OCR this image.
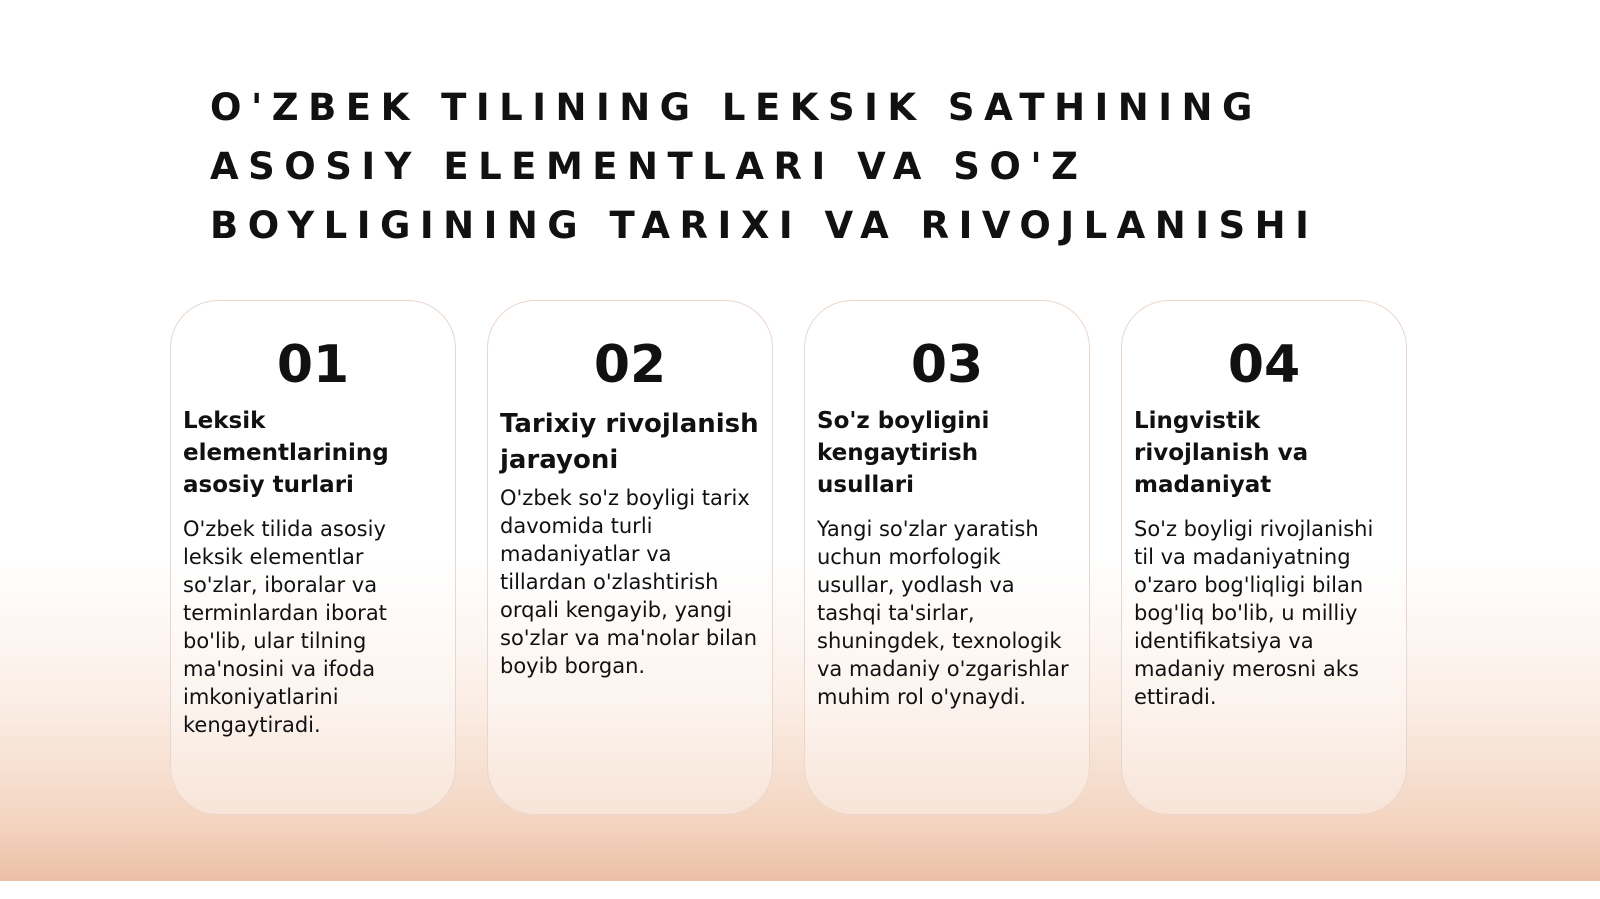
O'ZBEK TILINING LEKSIK SATHINING ASOSIY ELEMENTLARI VA SO'Z BOYLIGINING TARIXI VA RIVOJLANISHI
01
Leksik elementlarining asosiy turlari
O'zbek tilida asosiy leksik elementlar so'zlar, iboralar va terminlardan iborat bo'lib, ular tilning ma'nosini va ifoda imkoniyatlarini kengaytiradi.
02
Tarixiy rivojlanish jarayoni
O'zbek so'z boyligi tarix davomida turli madaniyatlar va tillardan o'zlashtirish orqali kengayib, yangi so'zlar va ma'nolar bilan boyib borgan.
03
So'z boyligini kengaytirish usullari
Yangi so'zlar yaratish uchun morfologik usullar, yodlash va tashqi ta'sirlar, shuningdek, texnologik va madaniy o'zgarishlar muhim rol o'ynaydi.
04
Lingvistik rivojlanish va madaniyat
So'z boyligi rivojlanishi til va madaniyatning o'zaro bog'liqligi bilan bog'liq bo'lib, u milliy identifikatsiya va madaniy merosni aks ettiradi.
